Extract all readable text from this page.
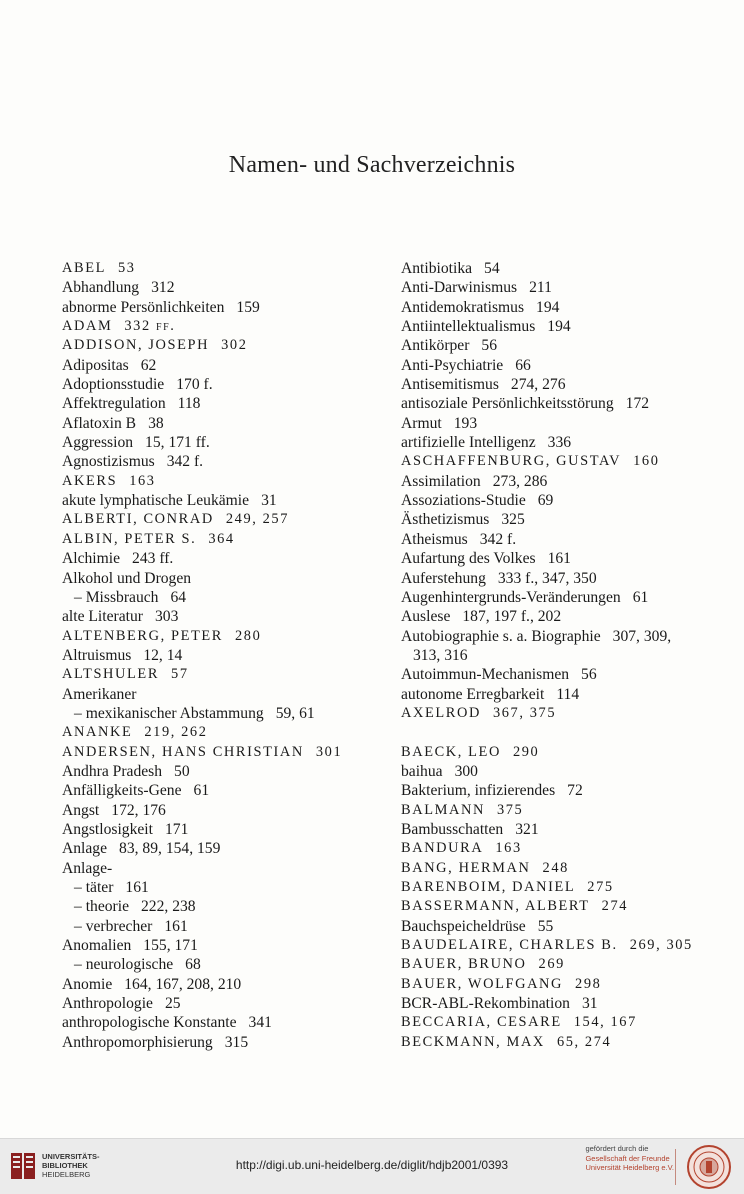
Namen- und Sachverzeichnis
ABEL 53
Abhandlung 312
abnorme Persönlichkeiten 159
ADAM 332 ff.
ADDISON, JOSEPH 302
Adipositas 62
Adoptionsstudie 170 f.
Affektregulation 118
Aflatoxin B 38
Aggression 15, 171 ff.
Agnostizismus 342 f.
AKERS 163
akute lymphatische Leukämie 31
ALBERTI, CONRAD 249, 257
ALBIN, PETER S. 364
Alchimie 243 ff.
Alkohol und Drogen
– Missbrauch 64
alte Literatur 303
ALTENBERG, PETER 280
Altruismus 12, 14
ALTSHULER 57
Amerikaner
– mexikanischer Abstammung 59, 61
ANANKE 219, 262
ANDERSEN, HANS CHRISTIAN 301
Andhra Pradesh 50
Anfälligkeits-Gene 61
Angst 172, 176
Angstlosigkeit 171
Anlage 83, 89, 154, 159
Anlage-
– täter 161
– theorie 222, 238
– verbrecher 161
Anomalien 155, 171
– neurologische 68
Anomie 164, 167, 208, 210
Anthropologie 25
anthropologische Konstante 341
Anthropomorphisierung 315
Antibiotika 54
Anti-Darwinismus 211
Antidemokratismus 194
Antiintellektualismus 194
Antikörper 56
Anti-Psychiatrie 66
Antisemitismus 274, 276
antisoziale Persönlichkeitsstörung 172
Armut 193
artifizielle Intelligenz 336
ASCHAFFENBURG, GUSTAV 160
Assimilation 273, 286
Assoziations-Studie 69
Ästhetizismus 325
Atheismus 342 f.
Aufartung des Volkes 161
Auferstehung 333 f., 347, 350
Augenhintergrunds-Veränderungen 61
Auslese 187, 197 f., 202
Autobiographie s. a. Biographie 307, 309,
313, 316
Autoimmun-Mechanismen 56
autonome Erregbarkeit 114
AXELROD 367, 375
BAECK, LEO 290
baihua 300
Bakterium, infizierendes 72
BALMANN 375
Bambusschatten 321
BANDURA 163
BANG, HERMAN 248
BARENBOIM, DANIEL 275
BASSERMANN, ALBERT 274
Bauchspeicheldrüse 55
BAUDELAIRE, CHARLES B. 269, 305
BAUER, BRUNO 269
BAUER, WOLFGANG 298
BCR-ABL-Rekombination 31
BECCARIA, CESARE 154, 167
BECKMANN, MAX 65, 274
UNIVERSITÄTS-
BIBLIOTHEK
HEIDELBERG
http://digi.ub.uni-heidelberg.de/diglit/hdjb2001/0393
gefördert durch die
Gesellschaft der Freunde
Universität Heidelberg e.V.
